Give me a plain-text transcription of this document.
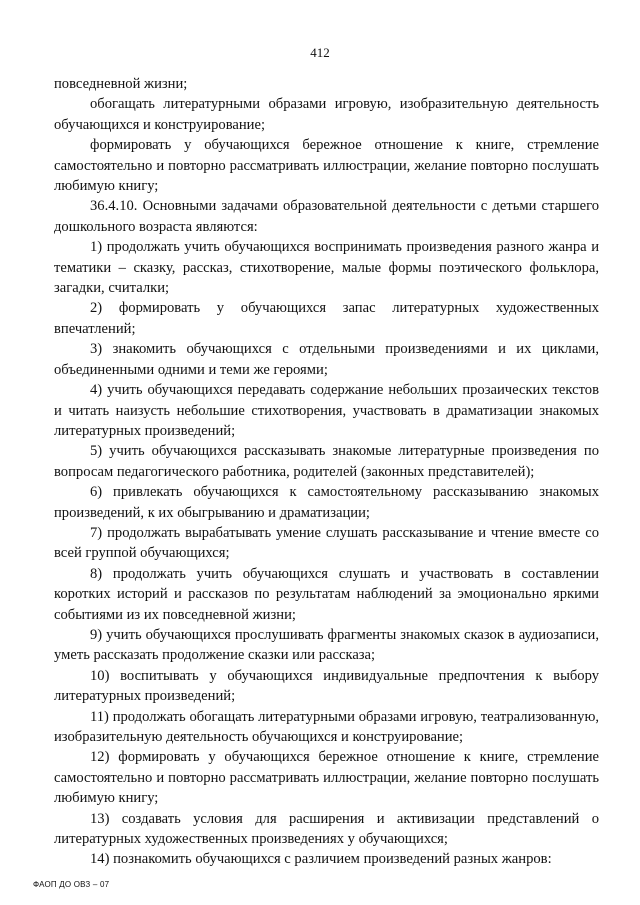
412

повседневной жизни;

обогащать литературными образами игровую, изобразительную деятельность обучающихся и конструирование;

формировать у обучающихся бережное отношение к книге, стремление самостоятельно и повторно рассматривать иллюстрации, желание повторно послушать любимую книгу;

36.4.10. Основными задачами образовательной деятельности с детьми старшего дошкольного возраста являются:

1) продолжать учить обучающихся воспринимать произведения разного жанра и тематики – сказку, рассказ, стихотворение, малые формы поэтического фольклора, загадки, считалки;

2) формировать у обучающихся запас литературных художественных впечатлений;

3) знакомить обучающихся с отдельными произведениями и их циклами, объединенными одними и теми же героями;

4) учить обучающихся передавать содержание небольших прозаических текстов и читать наизусть небольшие стихотворения, участвовать в драматизации знакомых литературных произведений;

5) учить обучающихся рассказывать знакомые литературные произведения по вопросам педагогического работника, родителей (законных представителей);

6) привлекать обучающихся к самостоятельному рассказыванию знакомых произведений, к их обыгрыванию и драматизации;

7) продолжать вырабатывать умение слушать рассказывание и чтение вместе со всей группой обучающихся;

8) продолжать учить обучающихся слушать и участвовать в составлении коротких историй и рассказов по результатам наблюдений за эмоционально яркими событиями из их повседневной жизни;

9) учить обучающихся прослушивать фрагменты знакомых сказок в аудиозаписи, уметь рассказать продолжение сказки или рассказа;

10) воспитывать у обучающихся индивидуальные предпочтения к выбору литературных произведений;

11) продолжать обогащать литературными образами игровую, театрализованную, изобразительную деятельность обучающихся и конструирование;

12) формировать у обучающихся бережное отношение к книге, стремление самостоятельно и повторно рассматривать иллюстрации, желание повторно послушать любимую книгу;

13) создавать условия для расширения и активизации представлений о литературных художественных произведениях у обучающихся;

14) познакомить обучающихся с различием произведений разных жанров:

ФАОП ДО ОВЗ – 07
